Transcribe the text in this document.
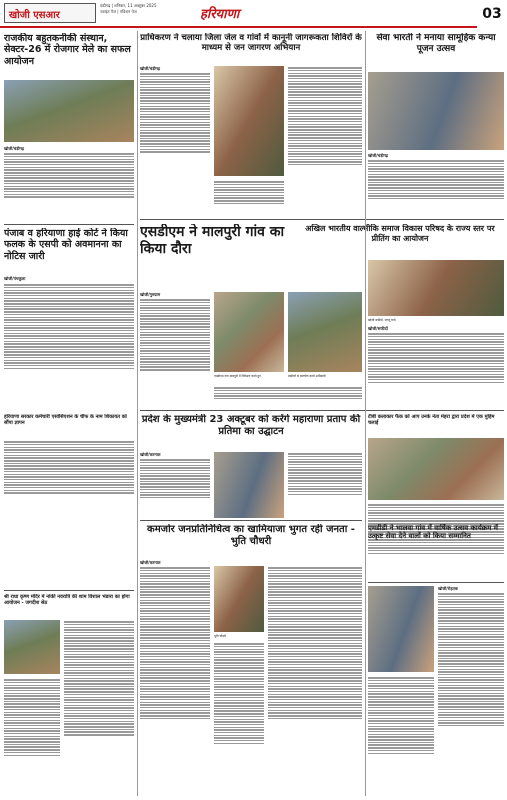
खोजी एसआर
चंडीगढ़ | शनिवार, 11 अक्टूबर 2025
ज्वाइंट पेज | एडिशन पेज	हरियाणा	03
राजकीय बहुतकनीकी संस्थान, सेक्टर-26 में रोजगार मेले का सफल आयोजन
खोजी/चंडीगढ़
पंजाब व हरियाणा हाई कोर्ट ने किया फलक के एसपी को अवमानना का नोटिस जारी
खोजी/पंचकूला
हरियाणा सरकार कर्मचारी एसोसिएशन के चीफ के नाम शिकायत को सौंपा ज्ञापन
प्राधिकरण ने चलाया जिला जेल व गांवों में कानूनी जागरूकता शिविरों के माध्यम से जन जागरण अभियान
खोजी/चंडीगढ़
सेवा भारती ने मनाया सामूहिक कन्या पूजन उत्सव
खोजी/चंडीगढ़
एसडीएम ने मालपुरी गांव का किया दौरा
खोजी/गुरुग्राम
एसडीएम गांव मालपुरी में निरीक्षण करते हुए	ग्रामीणों से बातचीत करते अधिकारी
अखिल भारतीय वाल्मीकि समाज विकास परिषद के राज्य स्तर पर प्रीतिंग का आयोजन
खोजी सफीदों, जगनू चन्दे
खोजी/सफीदों
प्रदेश के मुख्यमंत्री 23 अक्टूबर को करेंगे महाराणा प्रताप की प्रतिमा का उद्घाटन
खोजी/करनाल
टीबी कलाकार फैंक को आप उनके नेता मेहरा द्वारा प्रदेश में एक मुहिम चलाई
श्री राधा कृष्ण मंदिर में नोकी नवरात्रि की शाम विशाल भंडारा का होगा आयोजन - जगदीश सेठ
कमजोर जनप्रतिनिधित्व का खामियाजा भुगत रही जनता - भुति चौधरी
खोजी/करनाल
भुति चौधरी
एमडीडी ने भालवा गांव में वार्षिक उत्सव कार्यक्रम में उत्कृष्ट सेवा देने वालों को किया सम्मानित
खोजी/रोहतक
